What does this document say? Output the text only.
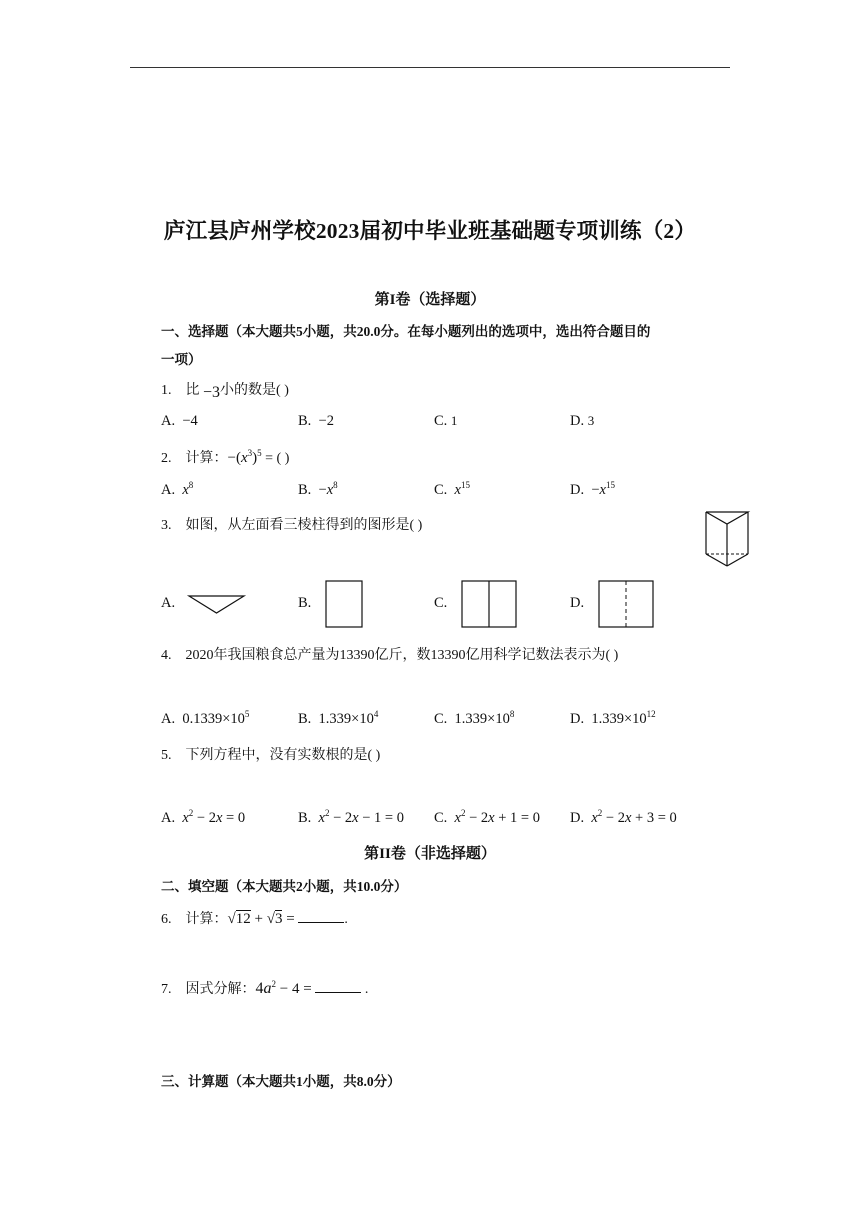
庐江县庐州学校2023届初中毕业班基础题专项训练（2）
第I卷（选择题）
一、选择题（本大题共5小题，共20.0分。在每小题列出的选项中，选出符合题目的
一项）
1. 比 −3小的数是( )
A. −4	B. −2	C. 1	D. 3
2. 计算：$-(x^3)^5$ = ( )
A. $x^8$	B. $-x^8$	C. $x^{15}$	D. $-x^{15}$
3. 如图，从左面看三棱柱得到的图形是( )
A.	B.	C.	D.
4. 2020年我国粮食总产量为13390亿斤，数13390亿用科学记数法表示为( )
A. $0.1339\times 10^5$	B. $1.339\times 10^4$	C. $1.339\times 10^8$	D. $1.339\times 10^{12}$
5. 下列方程中，没有实数根的是( )
A. $x^2 - 2x = 0$	B. $x^2 - 2x - 1 = 0$ C. $x^2 - 2x + 1 = 0$ D. $x^2 - 2x + 3 = 0$
第II卷（非选择题）
二、填空题（本大题共2小题，共10.0分）
6. 计算：√12 + √3 =	.
7. 因式分解：$4a^2 - 4$ =	.
三、计算题（本大题共1小题，共8.0分）
